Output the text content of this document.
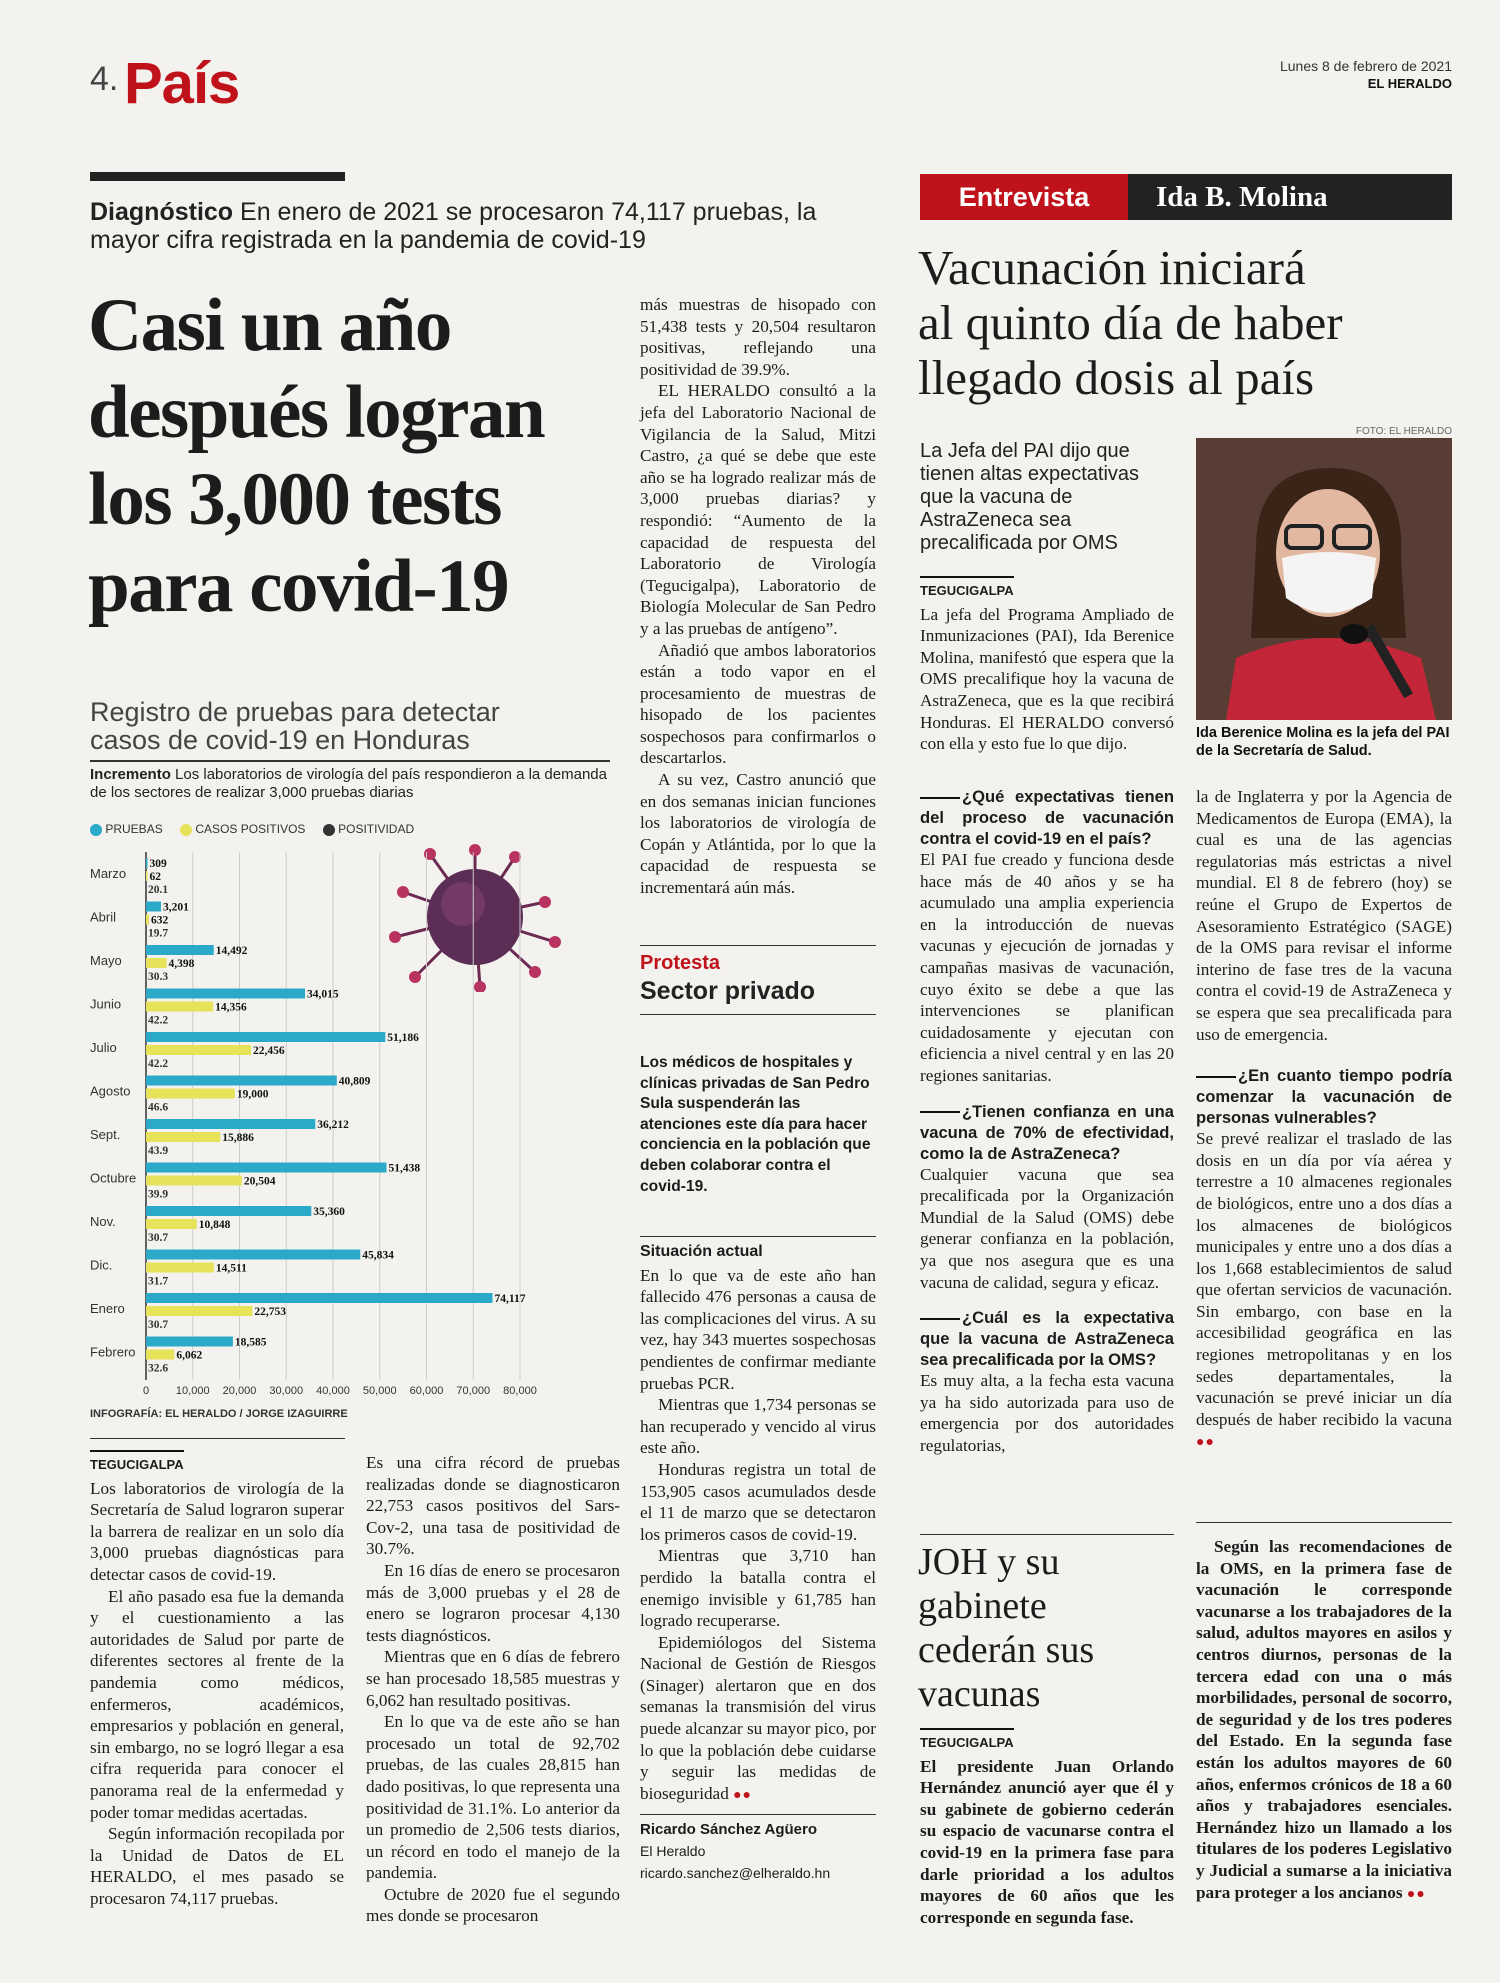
4. País	Lunes 8 de febrero de 2021
EL HERALDO
Diagnóstico En enero de 2021 se procesaron 74,117 pruebas, la mayor cifra registrada en la pandemia de covid-19
Casi un año
después logran
los 3,000 tests
para covid-19

más muestras de hisopado con 51,438 tests y 20,504 resultaron positivas, reflejando una positividad de 39.9%.

EL HERALDO consultó a la jefa del Laboratorio Nacional de Vigilancia de la Salud, Mitzi Castro, ¿a qué se debe que este año se ha logrado realizar más de 3,000 pruebas diarias? y respondió: “Aumento de la capacidad de respuesta del Laboratorio de Virología (Tegucigalpa), Laboratorio de Biología Molecular de San Pedro y a las pruebas de antígeno”.

Añadió que ambos laboratorios están a todo vapor en el procesamiento de muestras de hisopado de los pacientes sospechosos para confirmarlos o descartarlos.

A su vez, Castro anunció que en dos semanas inician funciones los laboratorios de virología de Copán y Atlántida, por lo que la capacidad de respuesta se incrementará aún más.

Registro de pruebas para detectar casos de covid-19 en Honduras
Incremento Los laboratorios de virología del país respondieron a la demanda de los sectores de realizar 3,000 pruebas diarias
PRUEBAS	CASOS POSITIVOS	POSITIVIDAD
0 10,000 20,000 30,000 40,000 50,000 60,000 70,000 80,000
Marzo
309
62
20.1
Abril
3,201
632
19.7
Mayo
14,492
4,398
30.3
Junio
34,015
14,356
42.2
Julio
51,186
22,456
42.2
Agosto
40,809
19,000
46.6
Sept.
36,212
15,886
43.9
Octubre
51,438
20,504
39.9
Nov.
35,360
10,848
30.7
Dic.
45,834
14,511
31.7
Enero
74,117
22,753
30.7
Febrero
18,585
6,062
32.6
INFOGRAFÍA: EL HERALDO / JORGE IZAGUIRRE
TEGUCIGALPA

Los laboratorios de virología de la Secretaría de Salud lograron superar la barrera de realizar en un solo día 3,000 pruebas diagnósticas para detectar casos de covid-19.

El año pasado esa fue la demanda y el cuestionamiento a las autoridades de Salud por parte de diferentes sectores al frente de la pandemia como médicos, enfermeros, académicos, empresarios y población en general, sin embargo, no se logró llegar a esa cifra requerida para conocer el panorama real de la enfermedad y poder tomar medidas acertadas.

Según información recopilada por la Unidad de Datos de EL HERALDO, el mes pasado se procesaron 74,117 pruebas.

Es una cifra récord de pruebas realizadas donde se diagnosticaron 22,753 casos positivos del Sars-Cov-2, una tasa de positividad de 30.7%.

En 16 días de enero se procesaron más de 3,000 pruebas y el 28 de enero se lograron procesar 4,130 tests diagnósticos.

Mientras que en 6 días de febrero se han procesado 18,585 muestras y 6,062 han resultado positivas.

En lo que va de este año se han procesado un total de 92,702 pruebas, de las cuales 28,815 han dado positivas, lo que representa una positividad de 31.1%. Lo anterior da un promedio de 2,506 tests diarios, un récord en todo el manejo de la pandemia.

Octubre de 2020 fue el segundo mes donde se procesaron

Protesta
Sector privado
Los médicos de hospitales y clínicas privadas de San Pedro Sula suspenderán las atenciones este día para hacer conciencia en la población que deben colaborar contra el covid-19.
Situación actual

En lo que va de este año han fallecido 476 personas a causa de las complicaciones del virus. A su vez, hay 343 muertes sospechosas pendientes de confirmar mediante pruebas PCR.

Mientras que 1,734 personas se han recuperado y vencido al virus este año.

Honduras registra un total de 153,905 casos acumulados desde el 11 de marzo que se detectaron los primeros casos de covid-19.

Mientras que 3,710 han perdido la batalla contra el enemigo invisible y 61,785 han logrado recuperarse.

Epidemiólogos del Sistema Nacional de Gestión de Riesgos (Sinager) alertaron que en dos semanas la transmisión del virus puede alcanzar su mayor pico, por lo que la población debe cuidarse y seguir las medidas de bioseguridad ●●

Ricardo Sánchez Agüero
El Heraldo
ricardo.sanchez@elheraldo.hn
Entrevista	Ida B. Molina
Vacunación iniciará
al quinto día de haber
llegado dosis al país
La Jefa del PAI dijo que tienen altas expectativas que la vacuna de AstraZeneca sea precalificada por OMS
FOTO: EL HERALDO
Ida Berenice Molina es la jefa del PAI de la Secretaría de Salud.
TEGUCIGALPA

La jefa del Programa Ampliado de Inmunizaciones (PAI), Ida Berenice Molina, manifestó que espera que la OMS precalifique hoy la vacuna de AstraZeneca, que es la que recibirá Honduras. El HERALDO conversó con ella y esto fue lo que dijo.

¿Qué expectativas tienen del proceso de vacunación contra el covid-19 en el país?

El PAI fue creado y funciona desde hace más de 40 años y se ha acumulado una amplia experiencia en la introducción de nuevas vacunas y ejecución de jornadas y campañas masivas de vacunación, cuyo éxito se debe a que las intervenciones se planifican cuidadosamente y ejecutan con eficiencia a nivel central y en las 20 regiones sanitarias.

¿Tienen confianza en una vacuna de 70% de efectividad, como la de AstraZeneca?

Cualquier vacuna que sea precalificada por la Organización Mundial de la Salud (OMS) debe generar confianza en la población, ya que nos asegura que es una vacuna de calidad, segura y eficaz.

¿Cuál es la expectativa que la vacuna de AstraZeneca sea precalificada por la OMS?

Es muy alta, a la fecha esta vacuna ya ha sido autorizada para uso de emergencia por dos autoridades regulatorias,

la de Inglaterra y por la Agencia de Medicamentos de Europa (EMA), la cual es una de las agencias regulatorias más estrictas a nivel mundial. El 8 de febrero (hoy) se reúne el Grupo de Expertos de Asesoramiento Estratégico (SAGE) de la OMS para revisar el informe interino de fase tres de la vacuna contra el covid-19 de AstraZeneca y se espera que sea precalificada para uso de emergencia.

¿En cuanto tiempo podría comenzar la vacunación de personas vulnerables?

Se prevé realizar el traslado de las dosis en un día por vía aérea y terrestre a 10 almacenes regionales de biológicos, entre uno a dos días a los almacenes de biológicos municipales y entre uno a dos días a los 1,668 establecimientos de salud que ofertan servicios de vacunación. Sin embargo, con base en la accesibilidad geográfica en las regiones metropolitanas y en los sedes departamentales, la vacunación se prevé iniciar un día después de haber recibido la vacuna ●●

JOH y su
gabinete
cederán sus
vacunas
TEGUCIGALPA

El presidente Juan Orlando Hernández anunció ayer que él y su gabinete de gobierno cederán su espacio de vacunarse contra el covid-19 en la primera fase para darle prioridad a los adultos mayores de 60 años que les corresponde en segunda fase.

Según las recomendaciones de la OMS, en la primera fase de vacunación le corresponde vacunarse a los trabajadores de la salud, adultos mayores en asilos y centros diurnos, personas de la tercera edad con una o más morbilidades, personal de socorro, de seguridad y de los tres poderes del Estado. En la segunda fase están los adultos mayores de 60 años, enfermos crónicos de 18 a 60 años y trabajadores esenciales. Hernández hizo un llamado a los titulares de los poderes Legislativo y Judicial a sumarse a la iniciativa para proteger a los ancianos ●●
